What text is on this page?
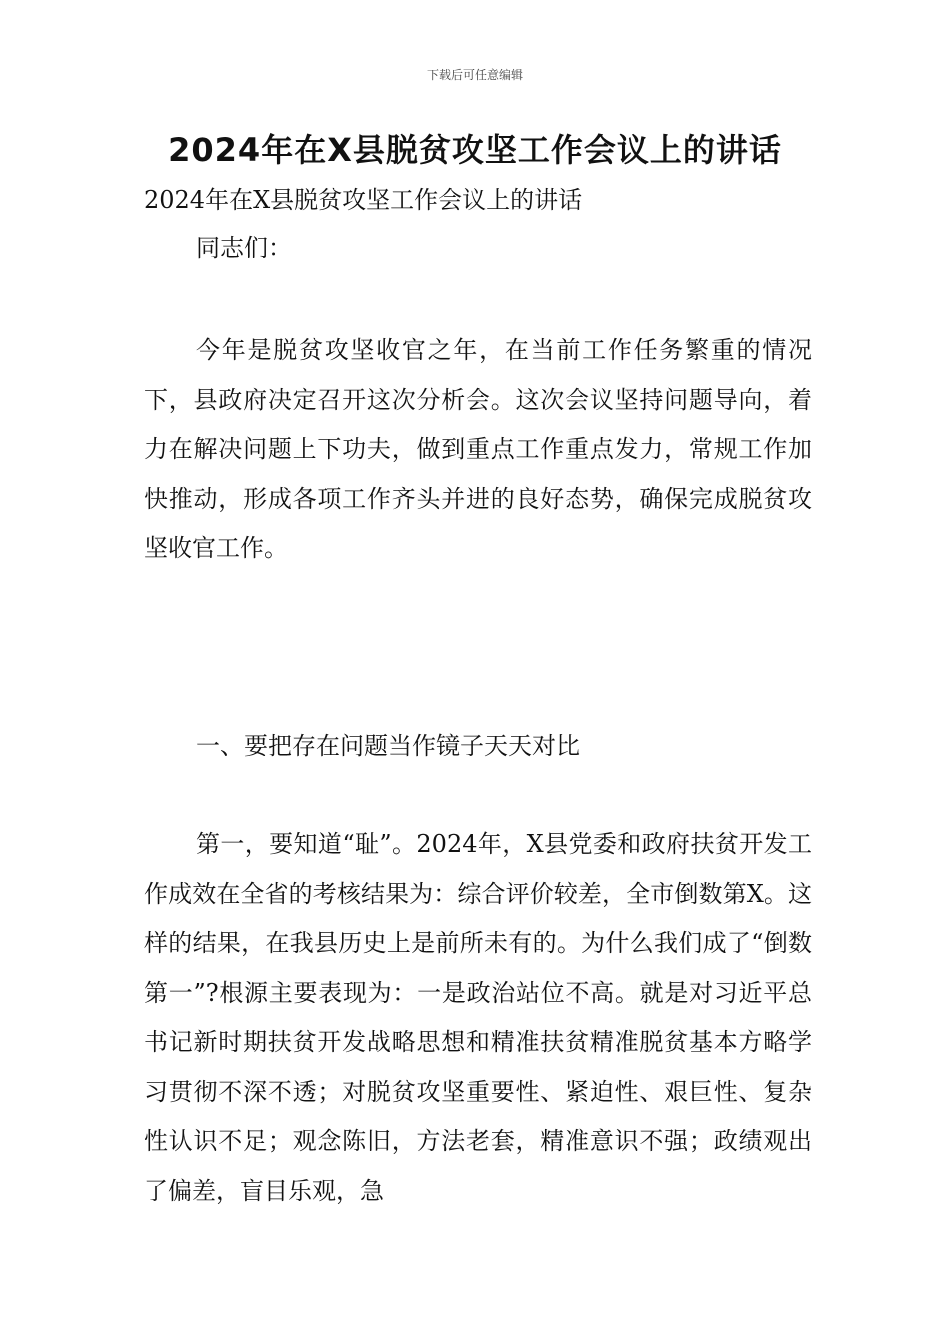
下载后可任意编辑
2024年在X县脱贫攻坚工作会议上的讲话
2024年在X县脱贫攻坚工作会议上的讲话
同志们：

今年是脱贫攻坚收官之年，在当前工作任务繁重的情况下，县政府决定召开这次分析会。这次会议坚持问题导向，着力在解决问题上下功夫，做到重点工作重点发力，常规工作加快推动，形成各项工作齐头并进的良好态势，确保完成脱贫攻坚收官工作。

一、要把存在问题当作镜子天天对比

第一，要知道“耻”。2024年，X县党委和政府扶贫开发工作成效在全省的考核结果为：综合评价较差，全市倒数第X。这样的结果，在我县历史上是前所未有的。为什么我们成了“倒数第一”?根源主要表现为：一是政治站位不高。就是对习近平总书记新时期扶贫开发战略思想和精准扶贫精准脱贫基本方略学习贯彻不深不透；对脱贫攻坚重要性、紧迫性、艰巨性、复杂性认识不足；观念陈旧，方法老套，精准意识不强；政绩观出了偏差，盲目乐观，急
